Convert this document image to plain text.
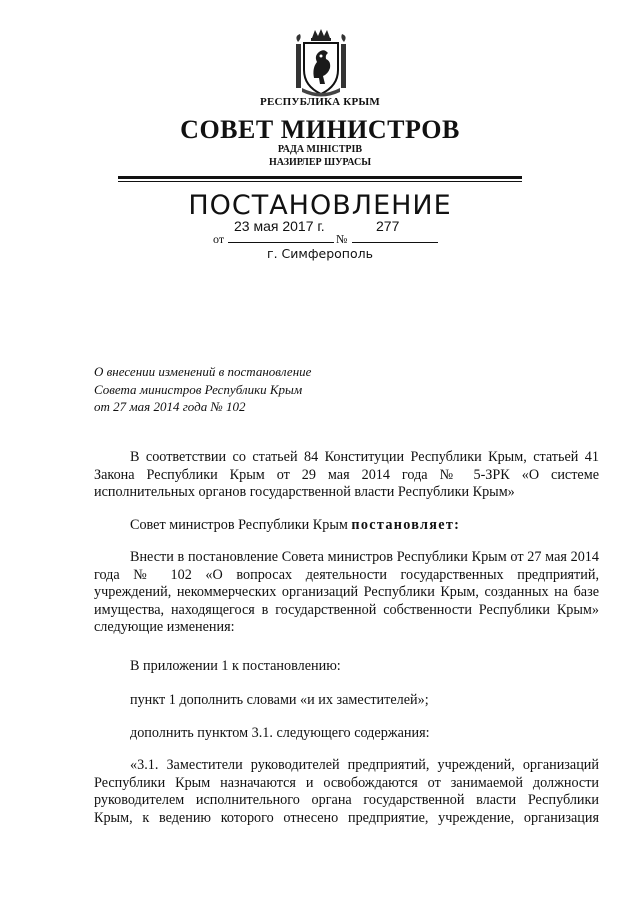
РЕСПУБЛИКА КРЫМ
СОВЕТ МИНИСТРОВ
РАДА МІНІСТРІВ
НАЗИРЛЕР ШУРАСЫ
ПОСТАНОВЛЕНИЕ
от
23 мая 2017 г.
№
277
г. Симферополь
О внесении изменений в постановление
Совета министров Республики Крым
от 27 мая 2014 года № 102
В соответствии со статьей 84 Конституции Республики Крым, статьей 41 Закона Республики Крым от 29 мая 2014 года № 5-ЗРК «О системе исполнительных органов государственной власти Республики Крым»
Совет министров Республики Крым постановляет:
Внести в постановление Совета министров Республики Крым от 27 мая 2014 года № 102 «О вопросах деятельности государственных предприятий, учреждений, некоммерческих организаций Республики Крым, созданных на базе имущества, находящегося в государственной собственности Республики Крым» следующие изменения:
В приложении 1 к постановлению:
пункт 1 дополнить словами «и их заместителей»;
дополнить пунктом 3.1. следующего содержания:
«3.1. Заместители руководителей предприятий, учреждений, организаций Республики Крым назначаются и освобождаются от занимаемой должности руководителем исполнительного органа государственной власти Республики Крым, к ведению которого отнесено предприятие, учреждение, организация
